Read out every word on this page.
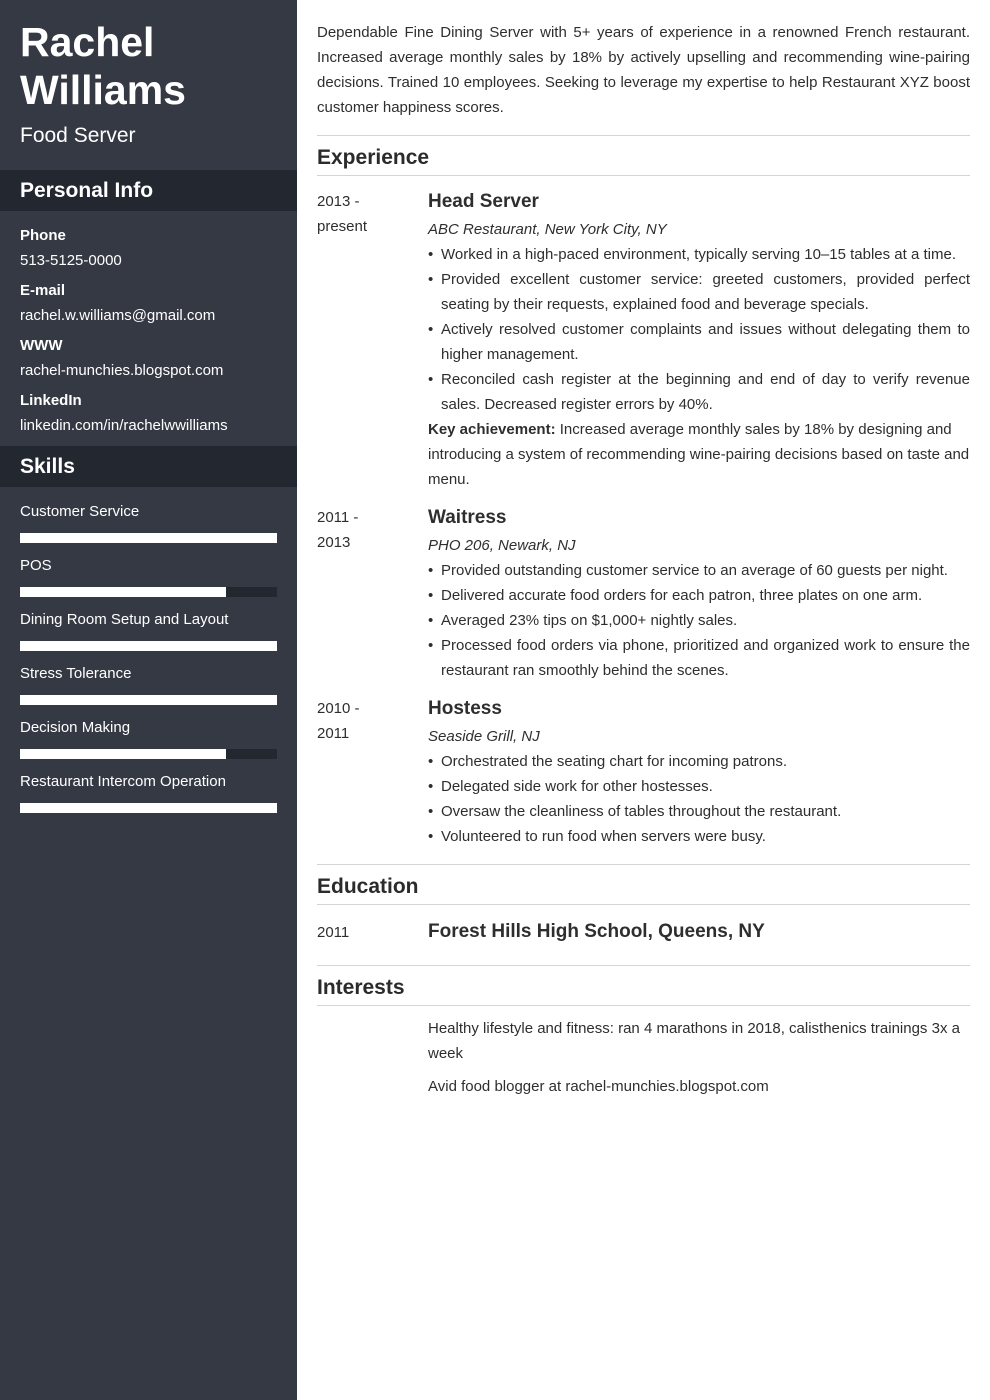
Rachel
Williams
Food Server
Personal Info
Phone
513-5125-0000
E-mail
rachel.w.williams@gmail.com
WWW
rachel-munchies.blogspot.com
LinkedIn
linkedin.com/in/rachelwwilliams
Skills
Customer Service
POS
Dining Room Setup and Layout
Stress Tolerance
Decision Making
Restaurant Intercom Operation

Dependable Fine Dining Server with 5+ years of experience in a renowned French restaurant. Increased average monthly sales by 18% by actively upselling and recommending wine-pairing decisions. Trained 10 employees. Seeking to leverage my expertise to help Restaurant XYZ boost customer happiness scores.

Experience
2013 -
present
Head Server
ABC Restaurant, New York City, NY
• Worked in a high-paced environment, typically serving 10–15 tables at a time.
• Provided excellent customer service: greeted customers, provided perfect seating by their requests, explained food and beverage specials.
• Actively resolved customer complaints and issues without delegating them to higher management.
• Reconciled cash register at the beginning and end of day to verify revenue sales. Decreased register errors by 40%.
Key achievement: Increased average monthly sales by 18% by designing and introducing a system of recommending wine-pairing decisions based on taste and menu.
2011 -
2013
Waitress
PHO 206, Newark, NJ
• Provided outstanding customer service to an average of 60 guests per night.
• Delivered accurate food orders for each patron, three plates on one arm.
• Averaged 23% tips on $1,000+ nightly sales.
• Processed food orders via phone, prioritized and organized work to ensure the restaurant ran smoothly behind the scenes.
2010 -
2011
Hostess
Seaside Grill, NJ
• Orchestrated the seating chart for incoming patrons.
• Delegated side work for other hostesses.
• Oversaw the cleanliness of tables throughout the restaurant.
• Volunteered to run food when servers were busy.
Education
2011	Forest Hills High School, Queens, NY
Interests
Healthy lifestyle and fitness: ran 4 marathons in 2018, calisthenics trainings 3x a week
Avid food blogger at rachel-munchies.blogspot.com
